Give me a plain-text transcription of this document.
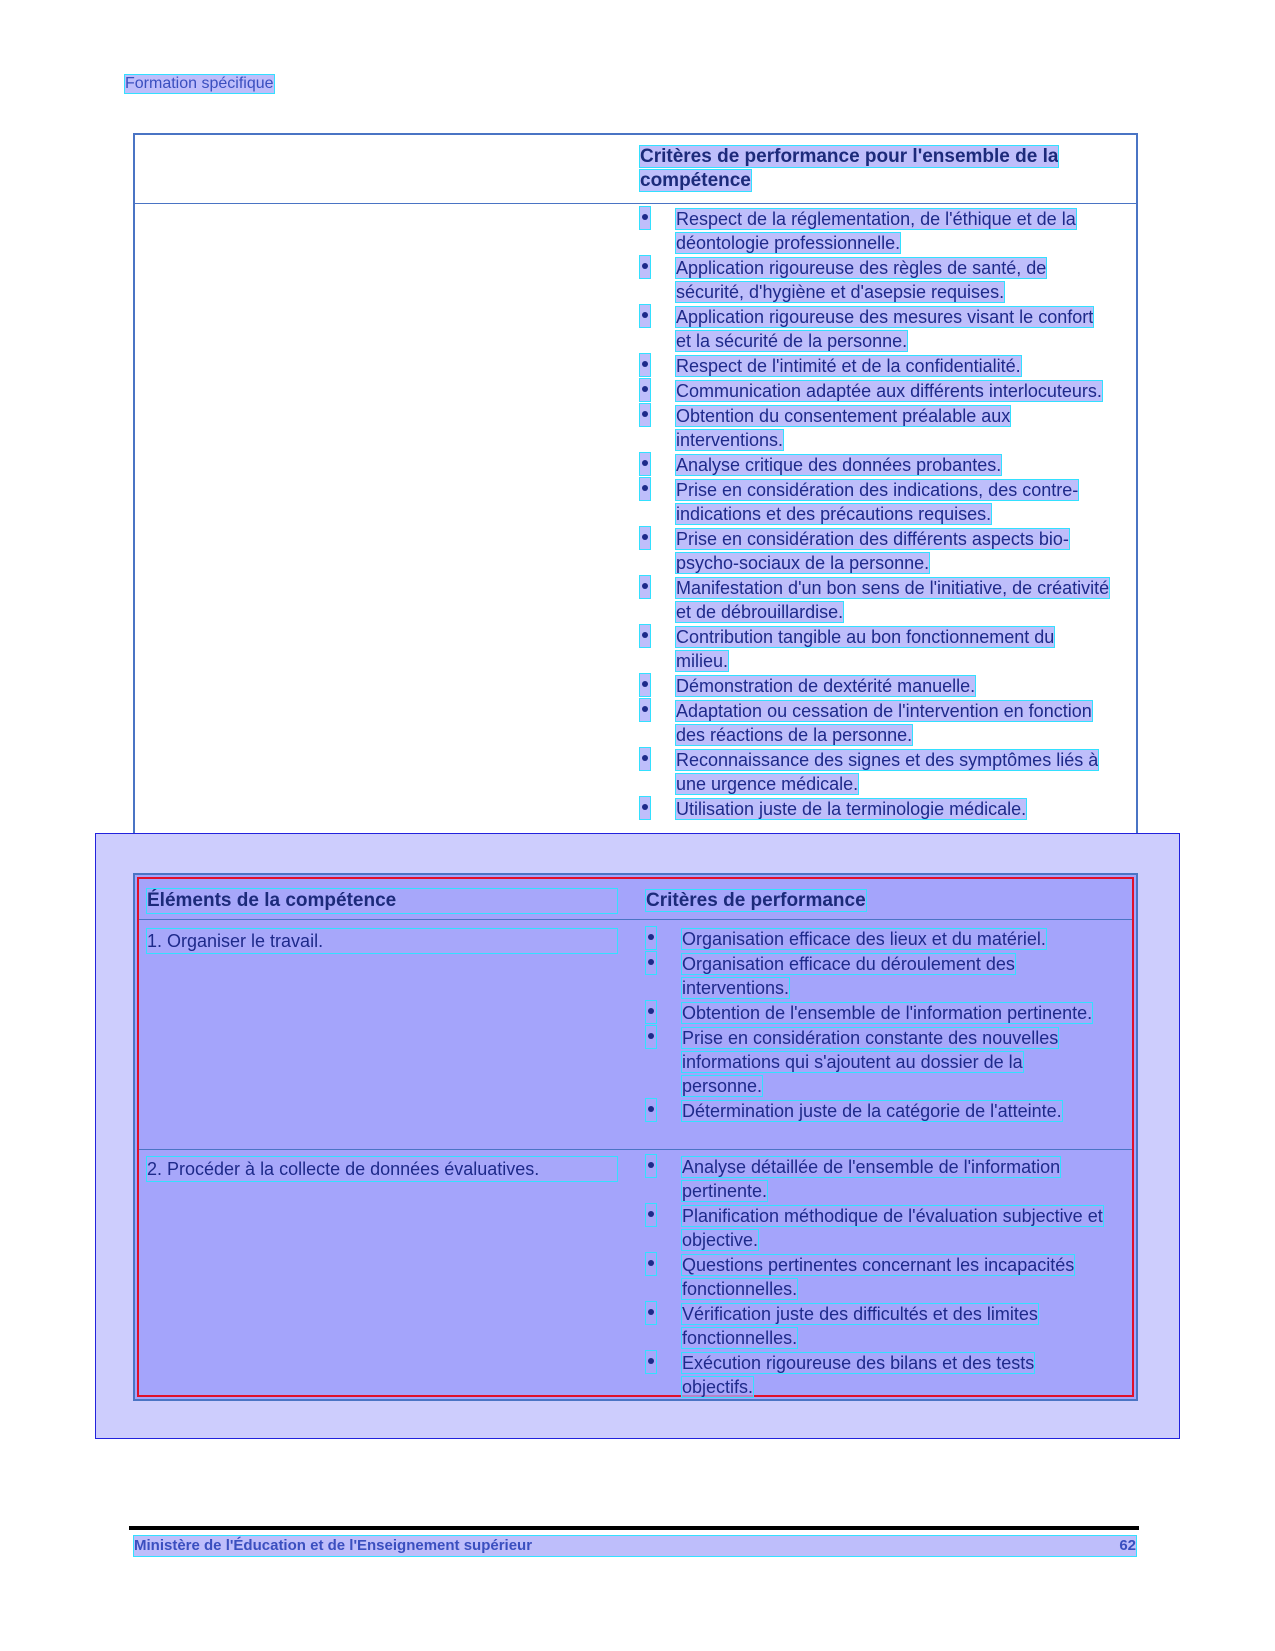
Formation spécifique
Critères de performance pour l'ensemble de la compétence
Respect de la réglementation, de l'éthique et de la déontologie professionnelle.
Application rigoureuse des règles de santé, de sécurité, d'hygiène et d'asepsie requises.
Application rigoureuse des mesures visant le confort et la sécurité de la personne.
Respect de l'intimité et de la confidentialité.
Communication adaptée aux différents interlocuteurs.
Obtention du consentement préalable aux interventions.
Analyse critique des données probantes.
Prise en considération des indications, des contre-indications et des précautions requises.
Prise en considération des différents aspects bio-psycho-sociaux de la personne.
Manifestation d'un bon sens de l'initiative, de créativité et de débrouillardise.
Contribution tangible au bon fonctionnement du milieu.
Démonstration de dextérité manuelle.
Adaptation ou cessation de l'intervention en fonction des réactions de la personne.
Reconnaissance des signes et des symptômes liés à une urgence médicale.
Utilisation juste de la terminologie médicale.
Éléments de la compétence	Critères de performance
1. Organiser le travail.	Organisation efficace des lieux et du matériel.
Organisation efficace du déroulement des interventions.
Obtention de l'ensemble de l'information pertinente.
Prise en considération constante des nouvelles informations qui s'ajoutent au dossier de la personne.
Détermination juste de la catégorie de l'atteinte.
2. Procéder à la collecte de données évaluatives.	Analyse détaillée de l'ensemble de l'information pertinente.
Planification méthodique de l'évaluation subjective et objective.
Questions pertinentes concernant les incapacités fonctionnelles.
Vérification juste des difficultés et des limites fonctionnelles.
Exécution rigoureuse des bilans et des tests objectifs.
Ministère de l'Éducation et de l'Enseignement supérieur	62
